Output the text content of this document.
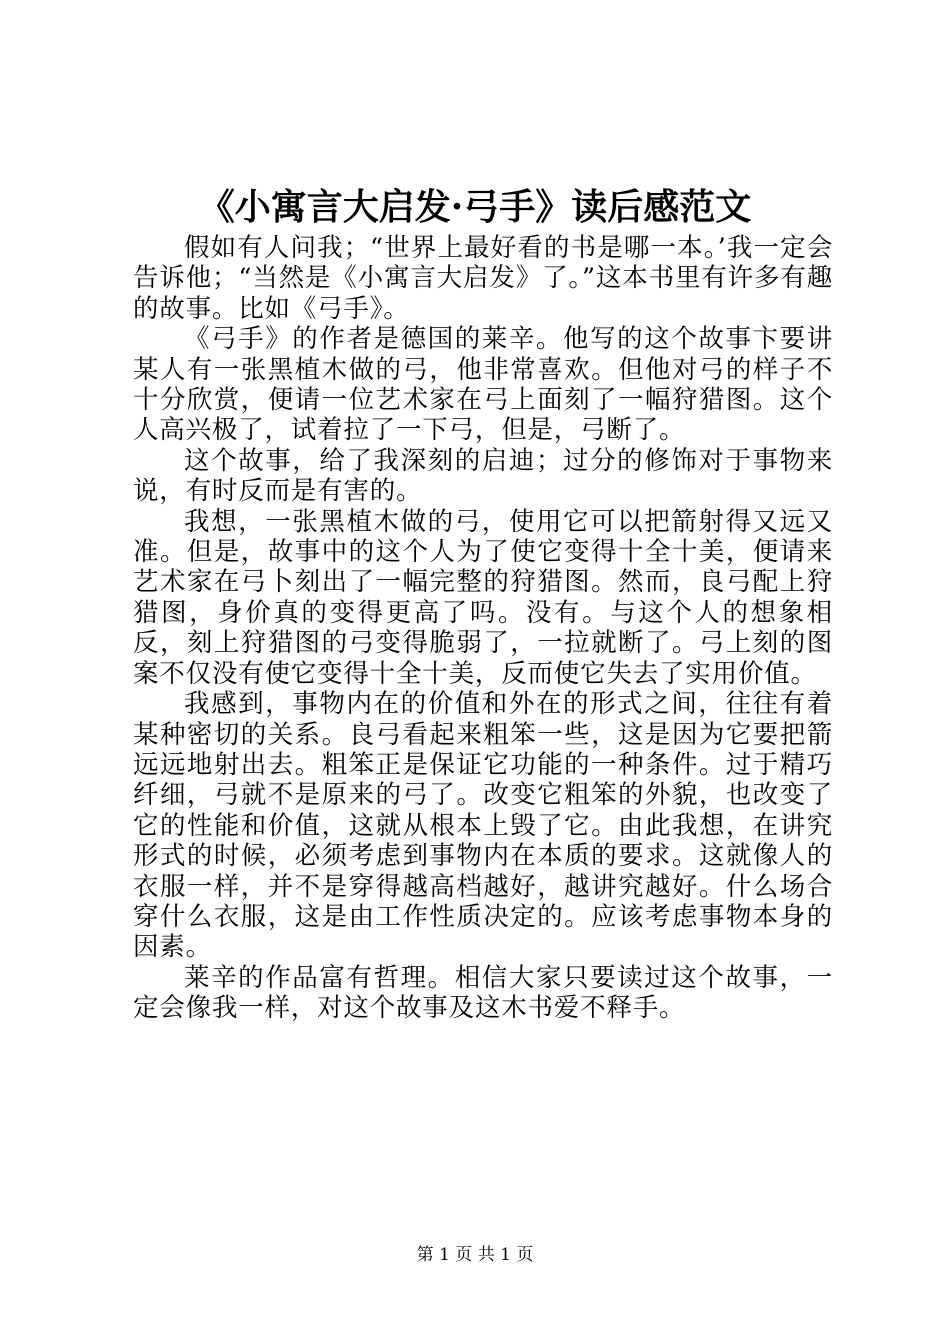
《小寓言大启发·弓手》读后感范文

假如有人问我；“世界上最好看的书是哪一本。’我一定会告诉他；“当然是《小寓言大启发》了。”这本书里有许多有趣的故事。比如《弓手》。

《弓手》的作者是德国的莱辛。他写的这个故事卞要讲某人有一张黑植木做的弓，他非常喜欢。但他对弓的样子不十分欣赏，便请一位艺术家在弓上面刻了一幅狩猎图。这个人高兴极了，试着拉了一下弓，但是，弓断了。

这个故事，给了我深刻的启迪；过分的修饰对于事物来说，有时反而是有害的。

我想，一张黑植木做的弓，使用它可以把箭射得又远又准。但是，故事中的这个人为了使它变得十全十美，便请来艺术家在弓卜刻出了一幅完整的狩猎图。然而，良弓配上狩猎图，身价真的变得更高了吗。没有。与这个人的想象相反，刻上狩猎图的弓变得脆弱了，一拉就断了。弓上刻的图案不仅没有使它变得十全十美，反而使它失去了实用价值。

我感到，事物内在的价值和外在的形式之间，往往有着某种密切的关系。良弓看起来粗笨一些，这是因为它要把箭远远地射出去。粗笨正是保证它功能的一种条件。过于精巧纤细，弓就不是原来的弓了。改变它粗笨的外貌，也改变了它的性能和价值，这就从根本上毁了它。由此我想，在讲究形式的时候，必须考虑到事物内在本质的要求。这就像人的衣服一样，并不是穿得越高档越好，越讲究越好。什么场合穿什么衣服，这是由工作性质决定的。应该考虑事物本身的因素。

莱辛的作品富有哲理。相信大家只要读过这个故事，一定会像我一样，对这个故事及这木书爱不释手。

第 1 页 共 1 页
